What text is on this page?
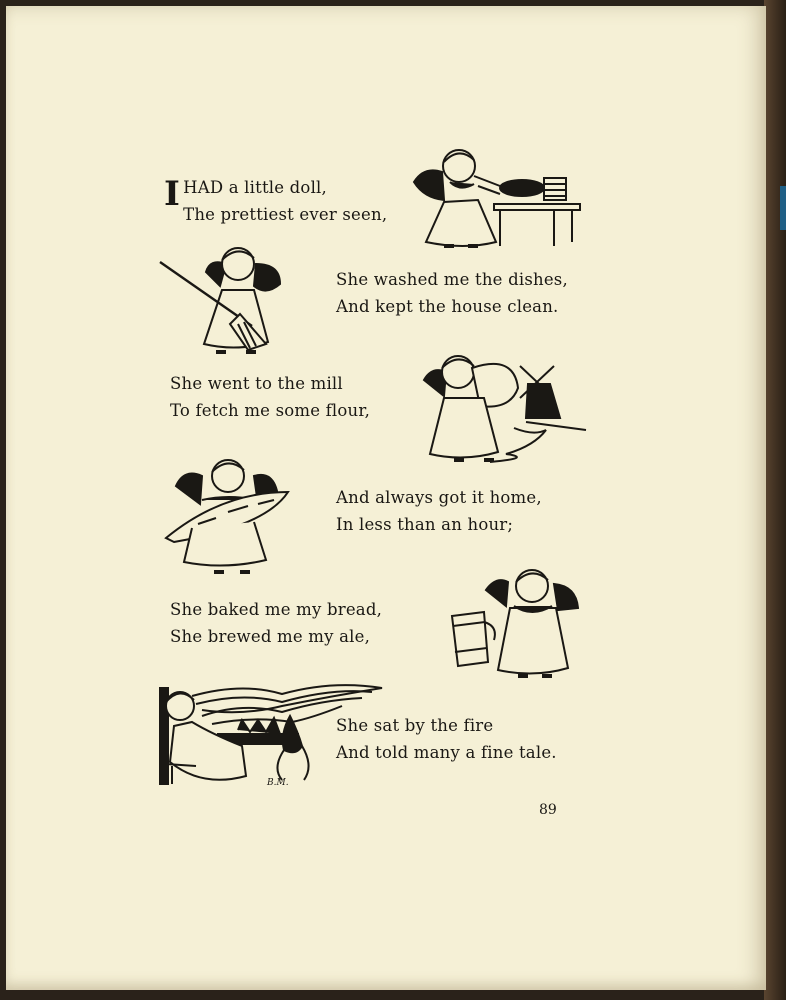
I HAD a little doll,
The prettiest ever seen,
She washed me the dishes,
And kept the house clean.
She went to the mill
To fetch me some flour,
And always got it home,
In less than an hour;
She baked me my bread,
She brewed me my ale,
She sat by the fire
And told many a fine tale.
B.M.
89
